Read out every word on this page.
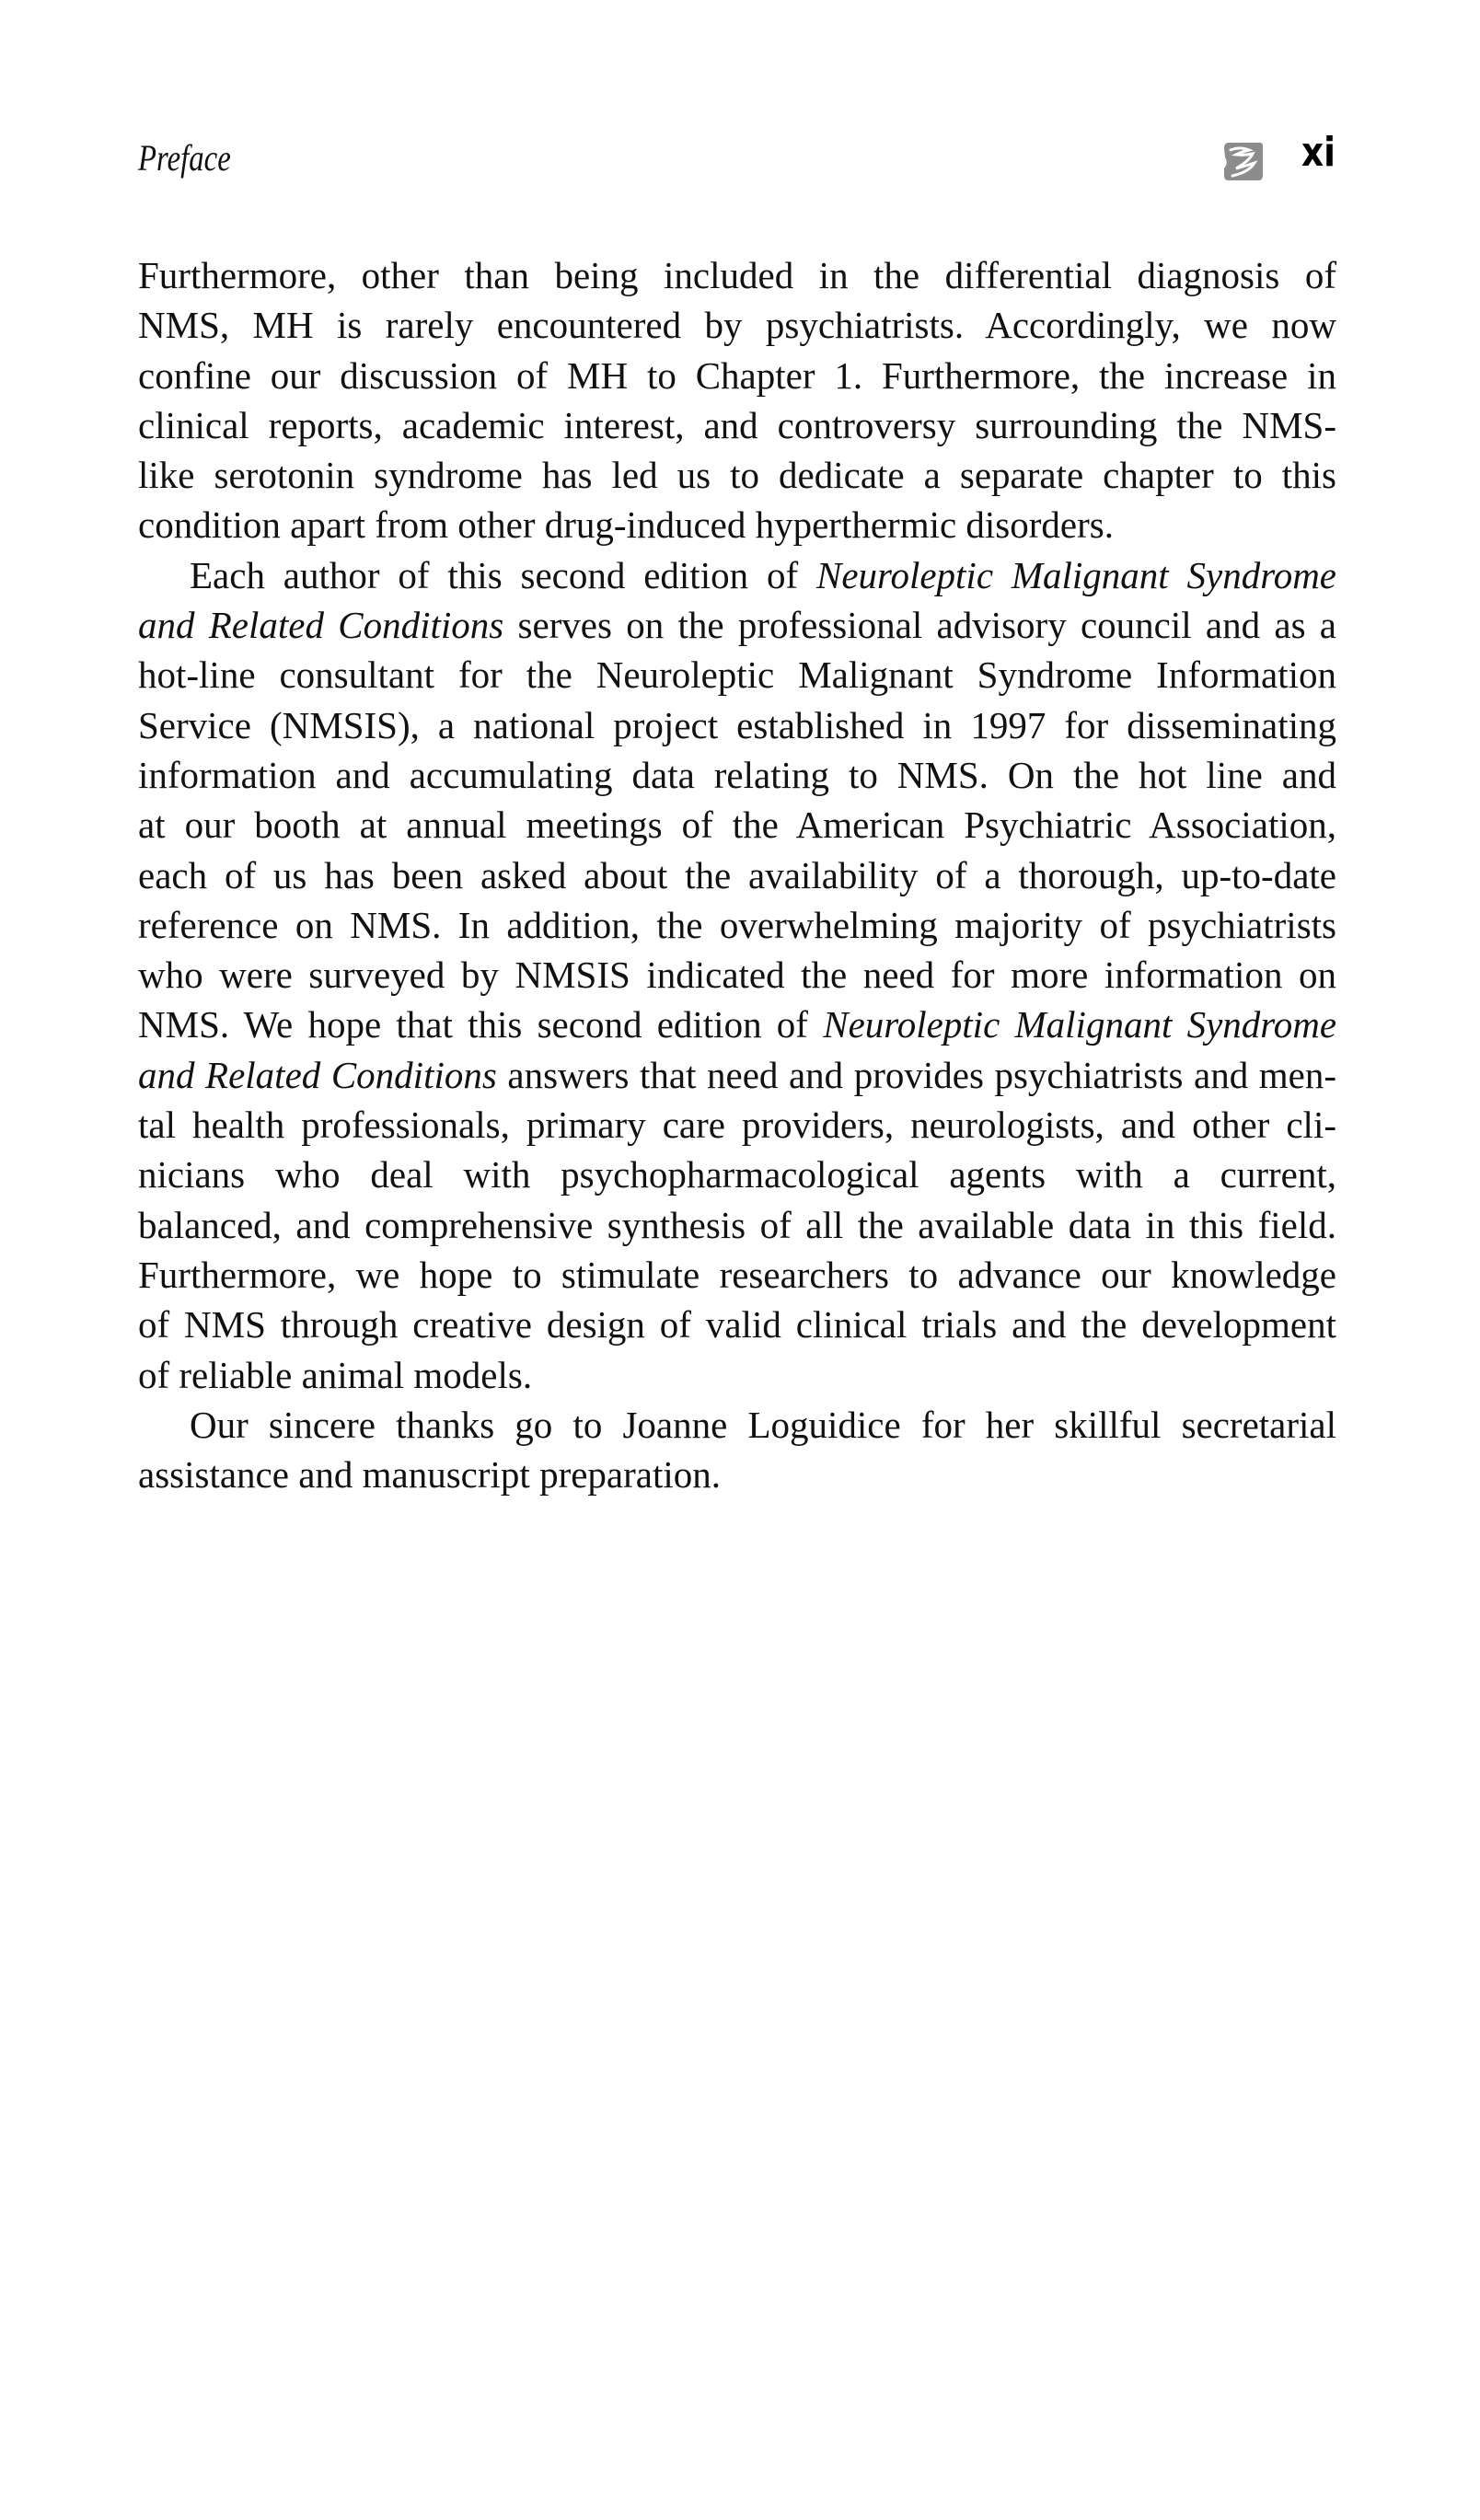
Preface	xi
Furthermore, other than being included in the differential diagnosis of
NMS, MH is rarely encountered by psychiatrists. Accordingly, we now
confine our discussion of MH to Chapter 1. Furthermore, the increase in
clinical reports, academic interest, and controversy surrounding the NMS-
like serotonin syndrome has led us to dedicate a separate chapter to this
condition apart from other drug-induced hyperthermic disorders.
Each author of this second edition of Neuroleptic Malignant Syndrome
and Related Conditions serves on the professional advisory council and as a
hot-line consultant for the Neuroleptic Malignant Syndrome Information
Service (NMSIS), a national project established in 1997 for disseminating
information and accumulating data relating to NMS. On the hot line and
at our booth at annual meetings of the American Psychiatric Association,
each of us has been asked about the availability of a thorough, up-to-date
reference on NMS. In addition, the overwhelming majority of psychiatrists
who were surveyed by NMSIS indicated the need for more information on
NMS. We hope that this second edition of Neuroleptic Malignant Syndrome
and Related Conditions answers that need and provides psychiatrists and men-
tal health professionals, primary care providers, neurologists, and other cli-
nicians who deal with psychopharmacological agents with a current,
balanced, and comprehensive synthesis of all the available data in this field.
Furthermore, we hope to stimulate researchers to advance our knowledge
of NMS through creative design of valid clinical trials and the development
of reliable animal models.
Our sincere thanks go to Joanne Loguidice for her skillful secretarial
assistance and manuscript preparation.
